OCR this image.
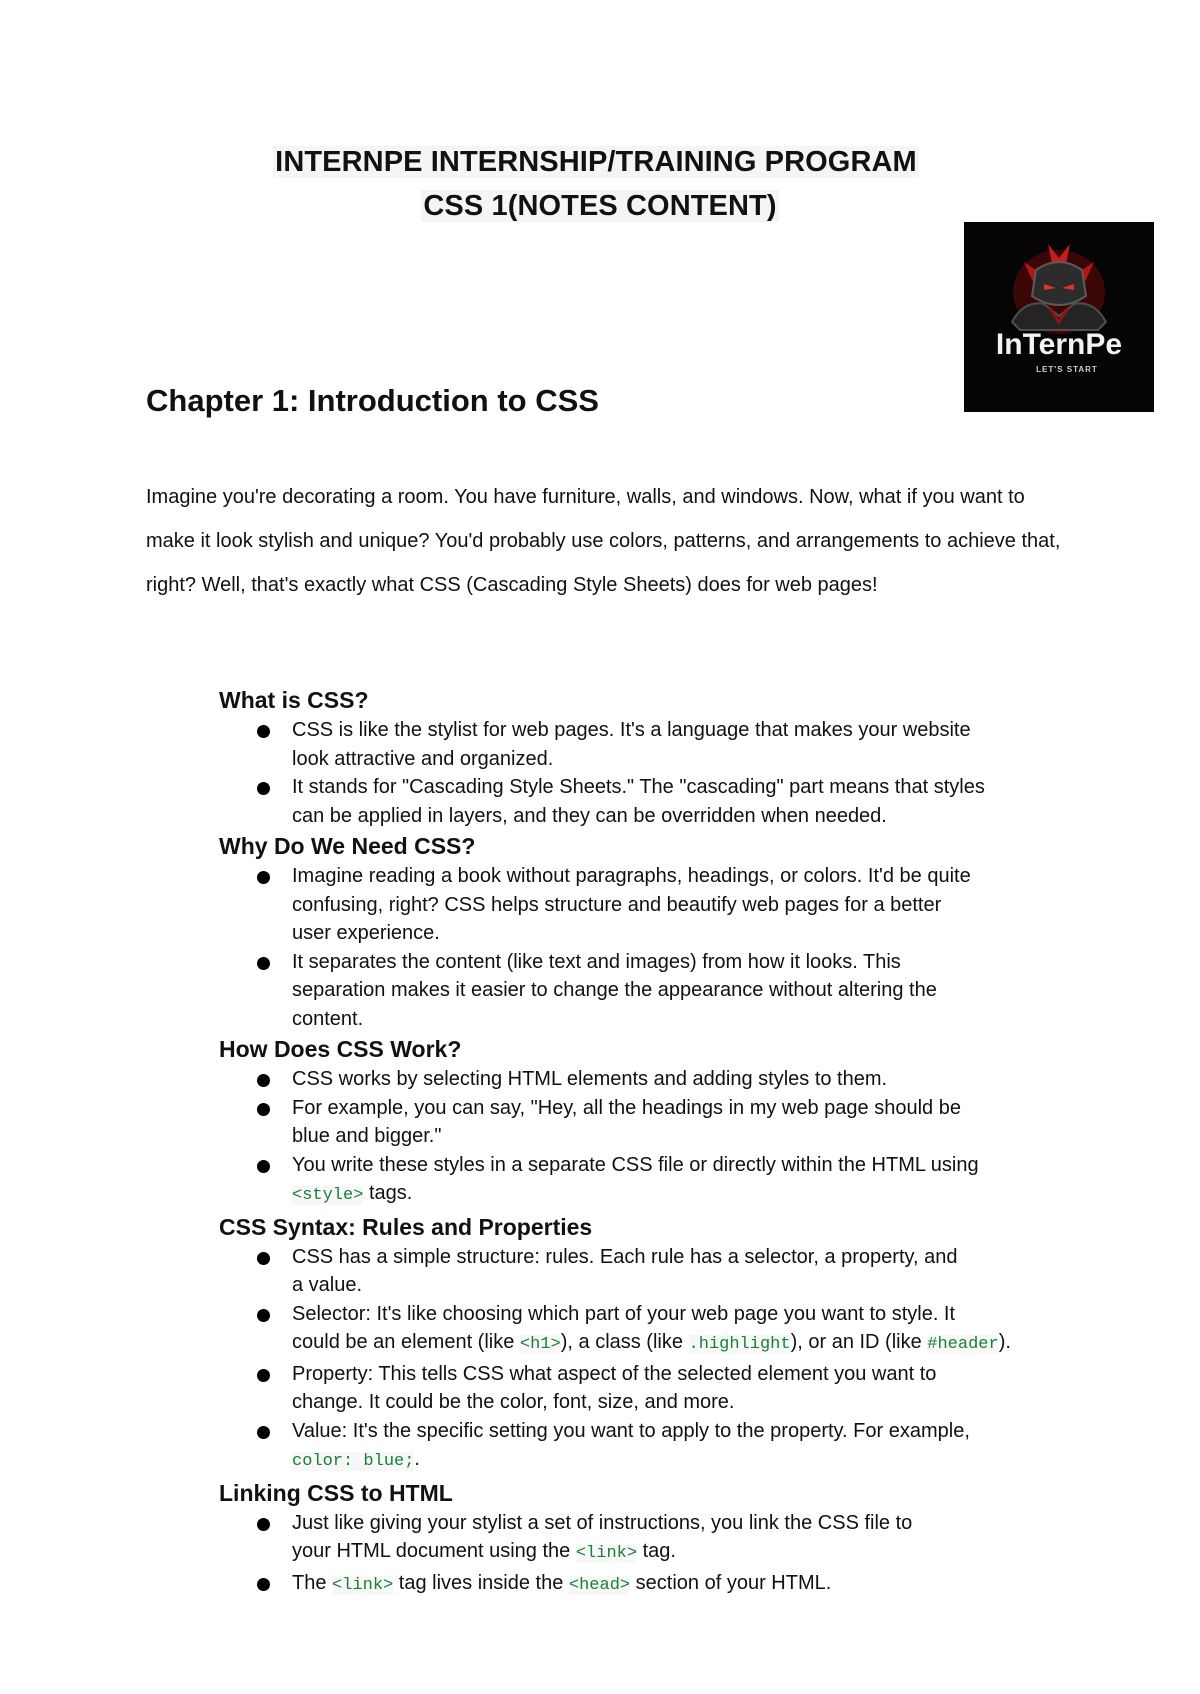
INTERNPE INTERNSHIP/TRAINING PROGRAM
CSS 1(NOTES CONTENT)
InTernPe
LET'S START
Chapter 1: Introduction to CSS
Imagine you're decorating a room. You have furniture, walls, and windows. Now, what if you want to make it look stylish and unique? You'd probably use colors, patterns, and arrangements to achieve that, right? Well, that's exactly what CSS (Cascading Style Sheets) does for web pages!
What is CSS?
CSS is like the stylist for web pages. It's a language that makes your website
look attractive and organized.
It stands for "Cascading Style Sheets." The "cascading" part means that styles
can be applied in layers, and they can be overridden when needed.
Why Do We Need CSS?
Imagine reading a book without paragraphs, headings, or colors. It'd be quite
confusing, right? CSS helps structure and beautify web pages for a better
user experience.
It separates the content (like text and images) from how it looks. This
separation makes it easier to change the appearance without altering the
content.
How Does CSS Work?
CSS works by selecting HTML elements and adding styles to them.
For example, you can say, "Hey, all the headings in my web page should be
blue and bigger."
You write these styles in a separate CSS file or directly within the HTML using
<style> tags.
CSS Syntax: Rules and Properties
CSS has a simple structure: rules. Each rule has a selector, a property, and
a value.
Selector: It's like choosing which part of your web page you want to style. It
could be an element (like <h1>), a class (like .highlight), or an ID (like #header).
Property: This tells CSS what aspect of the selected element you want to
change. It could be the color, font, size, and more.
Value: It's the specific setting you want to apply to the property. For example,
color: blue;.
Linking CSS to HTML
Just like giving your stylist a set of instructions, you link the CSS file to
your HTML document using the <link> tag.
The <link> tag lives inside the <head> section of your HTML.
